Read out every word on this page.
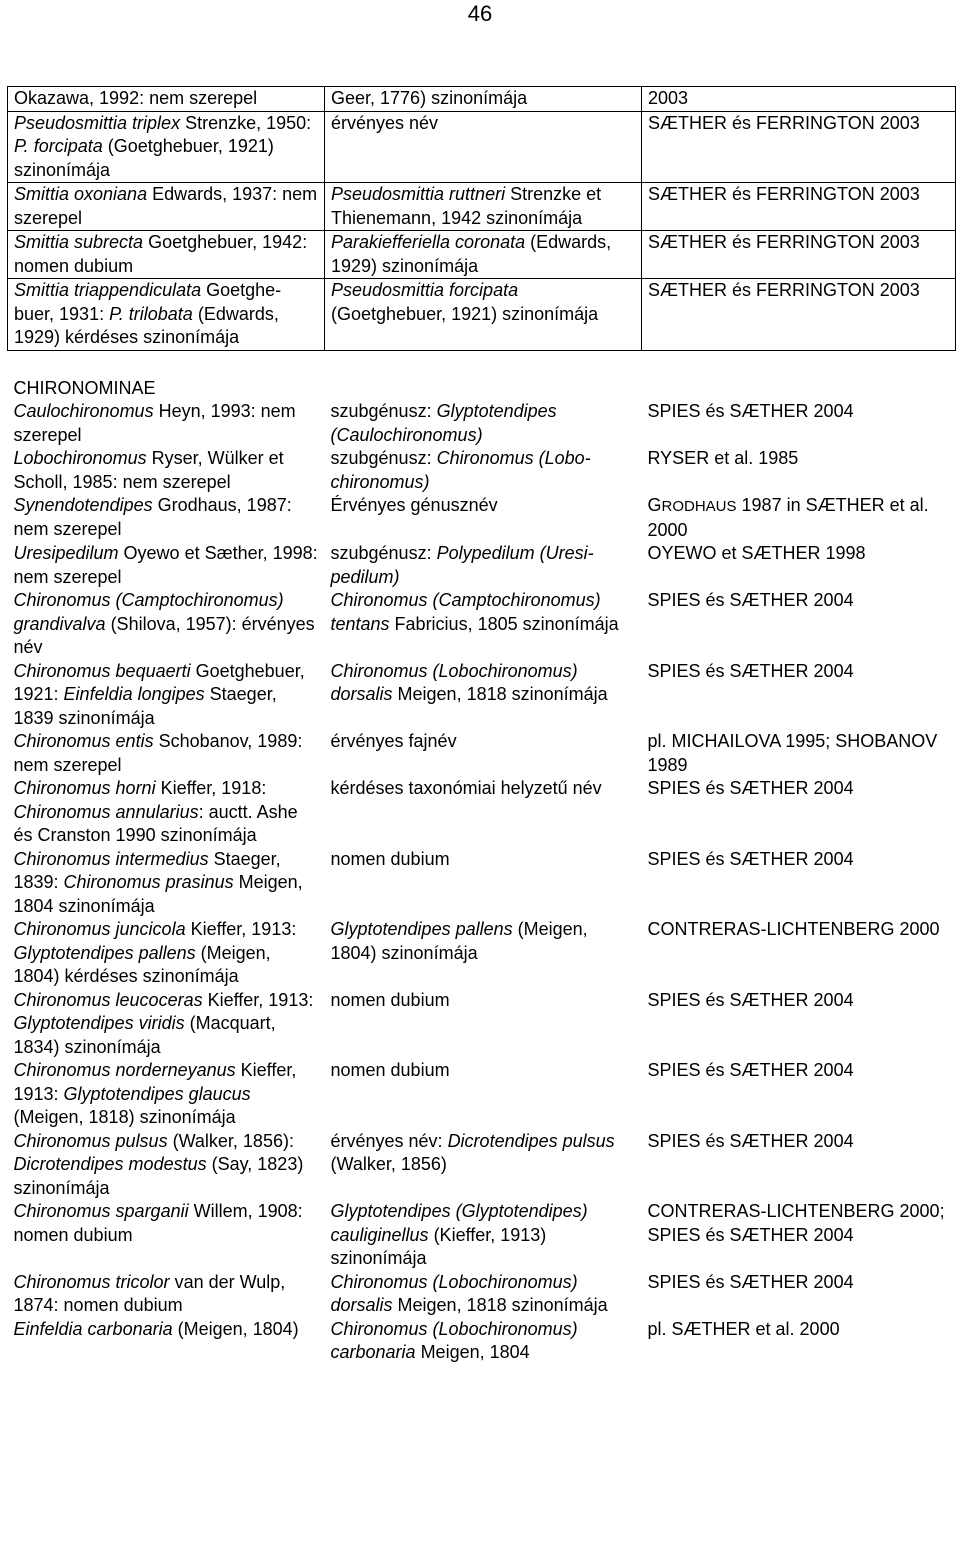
46
Okazawa, 1992: nem szerepel	Geer, 1776) szinonímája	2003
Pseudosmittia triplex Strenzke, 1950: P. forcipata (Goetghebuer, 1921) szinonímája	érvényes név	SÆTHER és FERRINGTON 2003
Smittia oxoniana Edwards, 1937: nem szerepel	Pseudosmittia ruttneri Strenzke et Thienemann, 1942 szinonímája	SÆTHER és FERRINGTON 2003
Smittia subrecta Goetghebuer, 1942: nomen dubium	Parakiefferiella coronata (Edwards, 1929) szinonímája	SÆTHER és FERRINGTON 2003
Smittia triappendiculata Goetghe-buer, 1931: P. trilobata (Edwards, 1929) kérdéses szinonímája	Pseudosmittia forcipata (Goetghebuer, 1921) szinonímája	SÆTHER és FERRINGTON 2003

CHIRONOMINAE		
Caulochironomus Heyn, 1993: nem szerepel	szubgénusz: Glyptotendipes (Caulochironomus)	SPIES és SÆTHER 2004
Lobochironomus Ryser, Wülker et Scholl, 1985: nem szerepel	szubgénusz: Chironomus (Lobo-chironomus)	RYSER et al. 1985
Synendotendipes Grodhaus, 1987: nem szerepel	Érvényes génusznév	GRODHAUS 1987 in SÆTHER et al. 2000
Uresipedilum Oyewo et Sæther, 1998: nem szerepel	szubgénusz: Polypedilum (Uresi-pedilum)	OYEWO et SÆTHER 1998
Chironomus (Camptochironomus) grandivalva (Shilova, 1957): érvényes név	Chironomus (Camptochironomus) tentans Fabricius, 1805 szinonímája	SPIES és SÆTHER 2004
Chironomus bequaerti Goetghebuer, 1921: Einfeldia longipes Staeger, 1839 szinonímája	Chironomus (Lobochironomus) dorsalis Meigen, 1818 szinonímája	SPIES és SÆTHER 2004
Chironomus entis Schobanov, 1989: nem szerepel	érvényes fajnév	pl. MICHAILOVA 1995; SHOBANOV 1989
Chironomus horni Kieffer, 1918: Chironomus annularius: auctt. Ashe és Cranston 1990 szinonímája	kérdéses taxonómiai helyzetű név	SPIES és SÆTHER 2004
Chironomus intermedius Staeger, 1839: Chironomus prasinus Meigen, 1804 szinonímája	nomen dubium	SPIES és SÆTHER 2004
Chironomus juncicola Kieffer, 1913: Glyptotendipes pallens (Meigen, 1804) kérdéses szinonímája	Glyptotendipes pallens (Meigen, 1804) szinonímája	CONTRERAS-LICHTENBERG 2000
Chironomus leucoceras Kieffer, 1913: Glyptotendipes viridis (Macquart, 1834) szinonímája	nomen dubium	SPIES és SÆTHER 2004
Chironomus norderneyanus Kieffer, 1913: Glyptotendipes glaucus (Meigen, 1818) szinonímája	nomen dubium	SPIES és SÆTHER 2004
Chironomus pulsus (Walker, 1856): Dicrotendipes modestus (Say, 1823) szinonímája	érvényes név: Dicrotendipes pulsus (Walker, 1856)	SPIES és SÆTHER 2004
Chironomus sparganii Willem, 1908: nomen dubium	Glyptotendipes (Glyptotendipes) cauliginellus (Kieffer, 1913) szinonímája	CONTRERAS-LICHTENBERG 2000; SPIES és SÆTHER 2004
Chironomus tricolor van der Wulp, 1874: nomen dubium	Chironomus (Lobochironomus) dorsalis Meigen, 1818 szinonímája	SPIES és SÆTHER 2004
Einfeldia carbonaria (Meigen, 1804)	Chironomus (Lobochironomus) carbonaria Meigen, 1804	pl. SÆTHER et al. 2000
